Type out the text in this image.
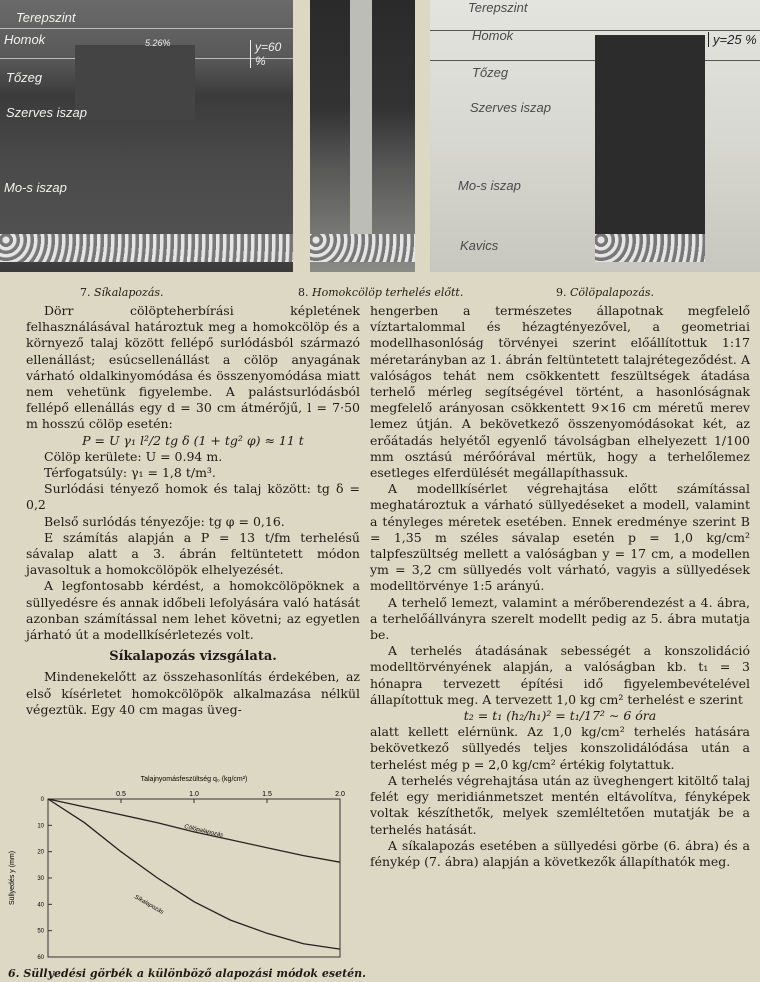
Terepszint
Homok
Tőzeg
Szerves iszap
Mo-s iszap
5.26%	y=60 %
Terepszint
Homok
Tőzeg
Szerves iszap
Mo-s iszap
Kavics
y=25 %
7. Síkalapozás.	8. Homokcölöp terhelés előtt.	9. Cölöpalapozás.

Dörr cölöpteherbírási képletének felhasználásával határoztuk meg a homokcölöp és a környező talaj között fellépő surlódásból származó ellenállást; esúcsellenállást a cölöp anyagának várható oldalkinyomódása és összenyomódása miatt nem vehetünk figyelembe. A palástsurlódásból fellépő ellenállás egy d = 30 cm átmérőjű, l = 7·50 m hosszú cölöp esetén:

P = U γ₁ l²/2 tg δ (1 + tg² φ) ≈ 11 t

Cölöp kerülete: U = 0.94 m.

Térfogatsúly: γ₁ = 1,8 t/m³.

Surlódási tényező homok és talaj között: tg δ = 0,2

Belső surlódás tényezője: tg φ = 0,16.

E számítás alapján a P = 13 t/fm terhelésű sávalap alatt a 3. ábrán feltüntetett módon javasoltuk a homokcölöpök elhelyezését.

A legfontosabb kérdést, a homokcölöpöknek a süllyedésre és annak időbeli lefolyására való hatását azonban számítással nem lehet követni; az egyetlen járható út a modellkísérletezés volt.

Síkalapozás vizsgálata.

Mindenekelőtt az összehasonlítás érdekében, az első kísérletet homokcölöpök alkalmazása nélkül végeztük. Egy 40 cm magas üveg-

hengerben a természetes állapotnak megfelelő víztartalommal és hézagtényezővel, a geometriai modellhasonlóság törvényei szerint előállítottuk 1:17 méretarányban az 1. ábrán feltüntetett talajrétegeződést. A valóságos tehát nem csökkentett feszültségek átadása terhelő mérleg segítségével történt, a hasonlóságnak megfelelő arányosan csökkentett 9×16 cm méretű merev lemez útján. A bekövetkező összenyomódásokat két, az erőátadás helyétől egyenlő távolságban elhelyezett 1/100 mm osztású mérőórával mértük, hogy a terhelőlemez esetleges elferdülését megállapíthassuk.

A modellkísérlet végrehajtása előtt számítással meghatároztuk a várható süllyedéseket a modell, valamint a tényleges méretek esetében. Ennek eredménye szerint B = 1,35 m széles sávalap esetén p = 1,0 kg/cm² talpfeszültség mellett a valóságban y = 17 cm, a modellen ym = 3,2 cm süllyedés volt várható, vagyis a süllyedések modelltörvénye 1:5 arányú.

A terhelő lemezt, valamint a mérőberendezést a 4. ábra, a terhelőállványra szerelt modellt pedig az 5. ábra mutatja be.

A terhelés átadásának sebességét a konszolidáció modelltörvényének alapján, a valóságban kb. t₁ = 3 hónapra tervezett építési idő figyelembevételével állapítottuk meg. A tervezett 1,0 kg cm² terhelést e szerint

t₂ = t₁ (h₂/h₁)² = t₁/17² ∼ 6 óra

alatt kellett elérnünk. Az 1,0 kg/cm² terhelés hatására bekövetkező süllyedés teljes konszolidálódása után a terhelést még p = 2,0 kg/cm² értékig folytattuk.

A terhelés végrehajtása után az üveghengert kitöltő talaj felét egy meridiánmetszet mentén eltávolítva, fényképek voltak készíthetők, melyek szemléltetően mutatják be a terhelés hatását.

A síkalapozás esetében a süllyedési görbe (6. ábra) és a fénykép (7. ábra) alapján a következők állapíthatók meg.

Talajnyomásfeszültség q₀ (kg/cm²)
0.5	1.0	1.5	2.0
0
10
20
30
40
50
60
Süllyedés y (mm)
Cölöpalapozás
Síkalapozás
6. Süllyedési görbék a különböző alapozási módok esetén.
